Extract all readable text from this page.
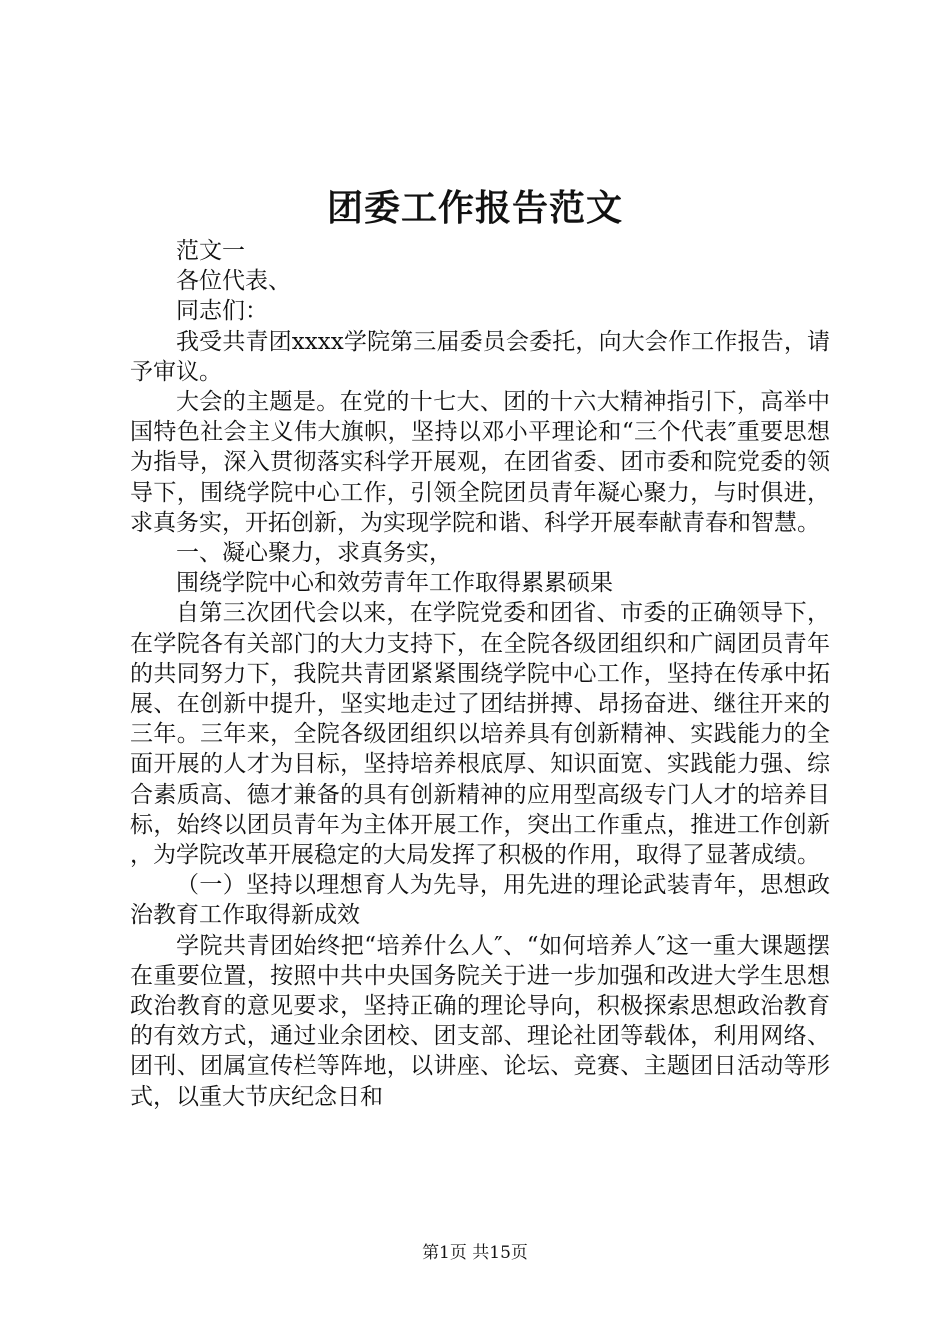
团委工作报告范文

范文一

各位代表、

同志们：

我受共青团xxxx学院第三届委员会委托，向大会作工作报告，请予审议。

大会的主题是。在党的十七大、团的十六大精神指引下，高举中国特色社会主义伟大旗帜，坚持以邓小平理论和“三个代表″重要思想为指导，深入贯彻落实科学开展观，在团省委、团市委和院党委的领导下，围绕学院中心工作，引领全院团员青年凝心聚力，与时俱进，求真务实，开拓创新，为实现学院和谐、科学开展奉献青春和智慧。

一、凝心聚力，求真务实，

围绕学院中心和效劳青年工作取得累累硕果

自第三次团代会以来，在学院党委和团省、市委的正确领导下，在学院各有关部门的大力支持下，在全院各级团组织和广阔团员青年的共同努力下，我院共青团紧紧围绕学院中心工作，坚持在传承中拓展、在创新中提升，坚实地走过了团结拼搏、昂扬奋进、继往开来的三年。三年来，全院各级团组织以培养具有创新精神、实践能力的全面开展的人才为目标，坚持培养根底厚、知识面宽、实践能力强、综合素质高、德才兼备的具有创新精神的应用型高级专门人才的培养目标，始终以团员青年为主体开展工作，突出工作重点，推进工作创新，为学院改革开展稳定的大局发挥了积极的作用，取得了显著成绩。

（一）坚持以理想育人为先导，用先进的理论武装青年，思想政治教育工作取得新成效

学院共青团始终把“培养什么人″、“如何培养人″这一重大课题摆在重要位置，按照中共中央国务院关于进一步加强和改进大学生思想政治教育的意见要求，坚持正确的理论导向，积极探索思想政治教育的有效方式，通过业余团校、团支部、理论社团等载体，利用网络、团刊、团属宣传栏等阵地，以讲座、论坛、竞赛、主题团日活动等形式，以重大节庆纪念日和

第1页 共15页
